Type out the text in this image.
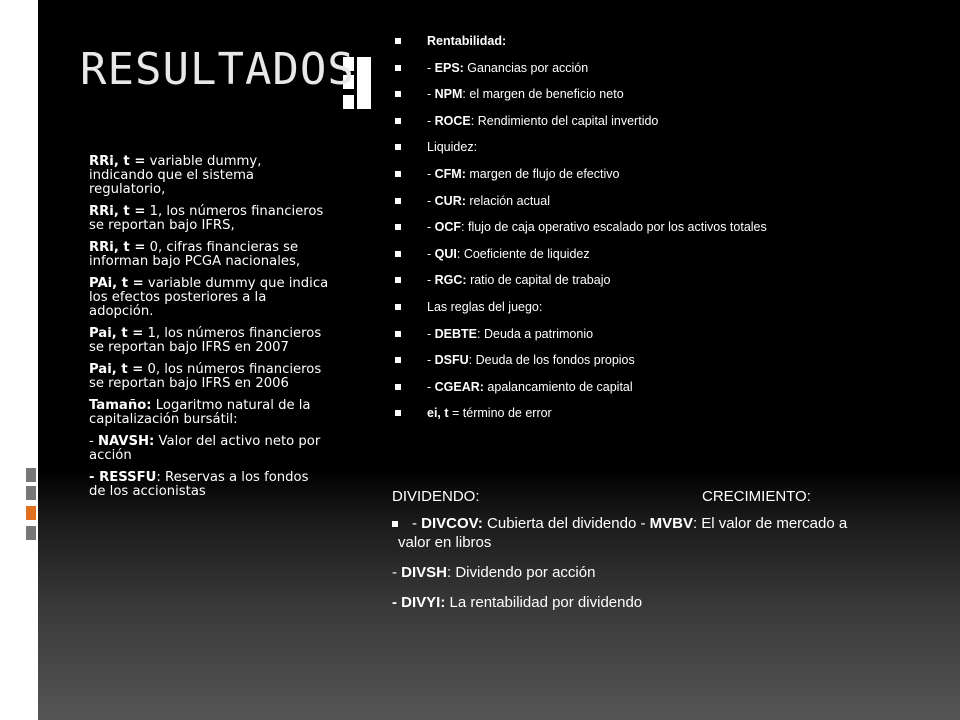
RESULTADOS

RRi, t = variable dummy, indicando que el sistema regulatorio,

RRi, t = 1, los números financieros se reportan bajo IFRS,

RRi, t = 0, cifras financieras se informan bajo PCGA nacionales,

PAi, t = variable dummy que indica los efectos posteriores a la adopción.

Pai, t = 1, los números financieros se reportan bajo IFRS en 2007

Pai, t = 0, los números financieros se reportan bajo IFRS en 2006

Tamaño: Logaritmo natural de la capitalización bursátil:

- NAVSH: Valor del activo neto por acción

- RESSFU: Reservas a los fondos de los accionistas

Rentabilidad:
- EPS: Ganancias por acción
- NPM: el margen de beneficio neto
- ROCE: Rendimiento del capital invertido
Liquidez:
- CFM: margen de flujo de efectivo
- CUR: relación actual
- OCF: flujo de caja operativo escalado por los activos totales
- QUI: Coeficiente de liquidez
- RGC: ratio de capital de trabajo
Las reglas del juego:
- DEBTE: Deuda a patrimonio
- DSFU: Deuda de los fondos propios
- CGEAR: apalancamiento de capital
ei, t = término de error
DIVIDENDO:	CRECIMIENTO:

- DIVCOV: Cubierta del dividendo - MVBV: El valor de mercado a valor en libros

- DIVSH: Dividendo por acción

- DIVYI: La rentabilidad por dividendo
